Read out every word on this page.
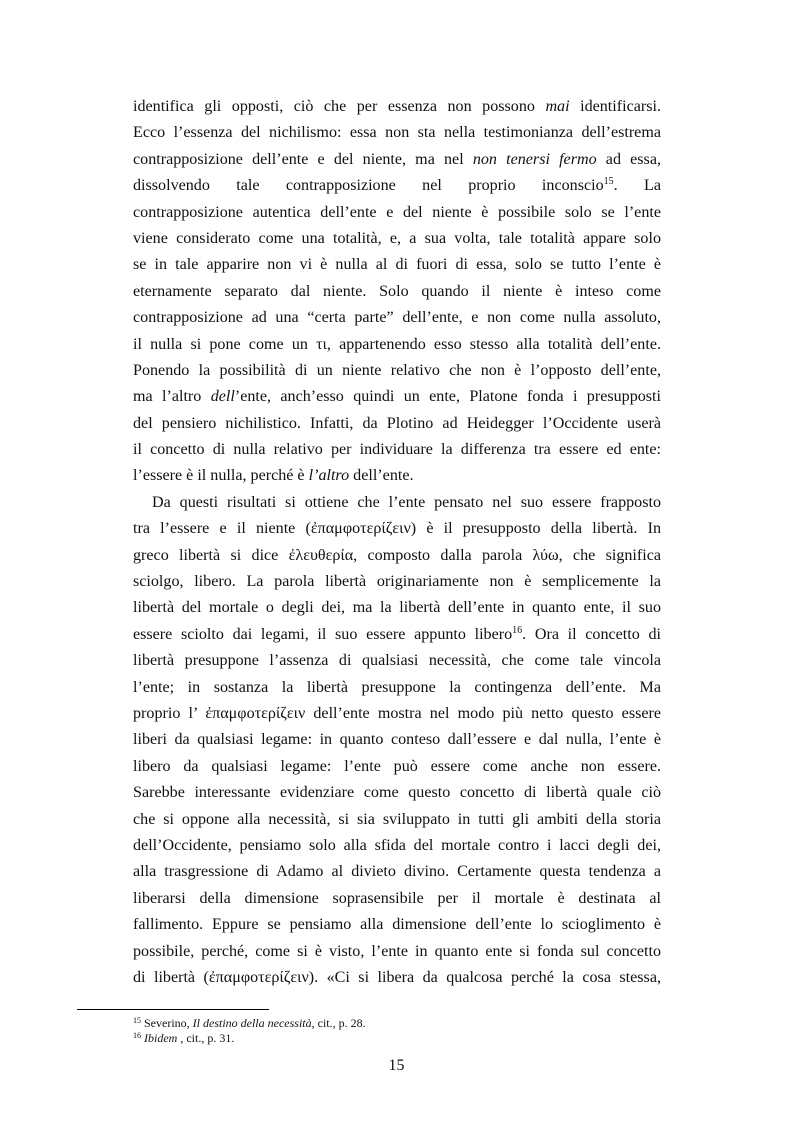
identifica gli opposti, ciò che per essenza non possono mai identificarsi.
Ecco l’essenza del nichilismo: essa non sta nella testimonianza dell’estrema
contrapposizione dell’ente e del niente, ma nel non tenersi fermo ad essa,
dissolvendo tale contrapposizione nel proprio inconscio$^{15}$. La
contrapposizione autentica dell’ente e del niente è possibile solo se l’ente
viene considerato come una totalità, e, a sua volta, tale totalità appare solo
se in tale apparire non vi è nulla al di fuori di essa, solo se tutto l’ente è
eternamente separato dal niente. Solo quando il niente è inteso come
contrapposizione ad una “certa parte” dell’ente, e non come nulla assoluto,
il nulla si pone come un τι, appartenendo esso stesso alla totalità dell’ente.
Ponendo la possibilità di un niente relativo che non è l’opposto dell’ente,
ma l’altro dell’ente, anch’esso quindi un ente, Platone fonda i presupposti
del pensiero nichilistico. Infatti, da Plotino ad Heidegger l’Occidente userà
il concetto di nulla relativo per individuare la differenza tra essere ed ente:
l’essere è il nulla, perché è l’altro dell’ente.
Da questi risultati si ottiene che l’ente pensato nel suo essere frapposto
tra l’essere e il niente (ἐπαμφοτερίζειν) è il presupposto della libertà. In
greco libertà si dice ἐλευθερία, composto dalla parola λύω, che significa
sciolgo, libero. La parola libertà originariamente non è semplicemente la
libertà del mortale o degli dei, ma la libertà dell’ente in quanto ente, il suo
essere sciolto dai legami, il suo essere appunto libero$^{16}$. Ora il concetto di
libertà presuppone l’assenza di qualsiasi necessità, che come tale vincola
l’ente; in sostanza la libertà presuppone la contingenza dell’ente. Ma
proprio l’ ἐπαμφοτερίζειν dell’ente mostra nel modo più netto questo essere
liberi da qualsiasi legame: in quanto conteso dall’essere e dal nulla, l’ente è
libero da qualsiasi legame: l’ente può essere come anche non essere.
Sarebbe interessante evidenziare come questo concetto di libertà quale ciò
che si oppone alla necessità, si sia sviluppato in tutti gli ambiti della storia
dell’Occidente, pensiamo solo alla sfida del mortale contro i lacci degli dei,
alla trasgressione di Adamo al divieto divino. Certamente questa tendenza a
liberarsi della dimensione soprasensibile per il mortale è destinata al
fallimento. Eppure se pensiamo alla dimensione dell’ente lo scioglimento è
possibile, perché, come si è visto, l’ente in quanto ente si fonda sul concetto
di libertà (ἐπαμφοτερίζειν). «Ci si libera da qualcosa perché la cosa stessa,
$^{15}$ Severino, Il destino della necessità, cit., p. 28.
$^{16}$ Ibidem , cit., p. 31.
15
